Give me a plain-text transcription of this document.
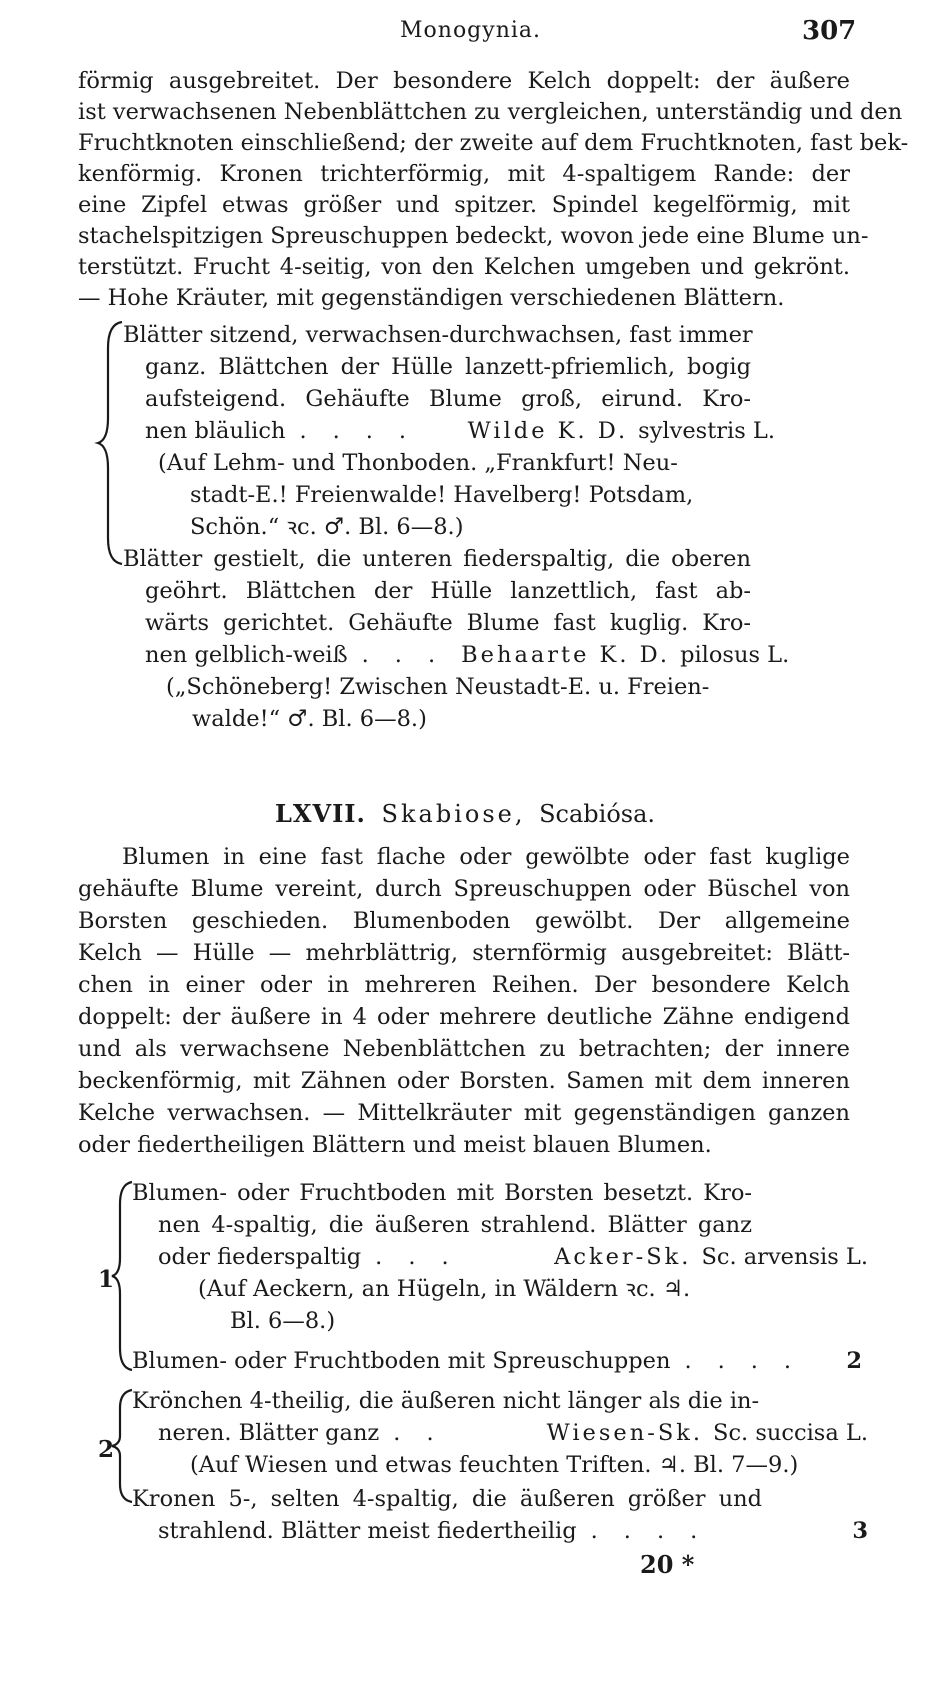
Monogynia.	307
förmig ausgebreitet. Der besondere Kelch doppelt: der äußere
ist verwachsenen Nebenblättchen zu vergleichen, unterständig und den
Fruchtknoten einschließend; der zweite auf dem Fruchtknoten, fast bek-
kenförmig. Kronen trichterförmig, mit 4-spaltigem Rande: der
eine Zipfel etwas größer und spitzer. Spindel kegelförmig, mit
stachelspitzigen Spreuschuppen bedeckt, wovon jede eine Blume un-
terstützt. Frucht 4-seitig, von den Kelchen umgeben und gekrönt.
— Hohe Kräuter, mit gegenständigen verschiedenen Blättern.
Blätter sitzend, verwachsen-durchwachsen, fast immer
ganz. Blättchen der Hülle lanzett-pfriemlich, bogig
aufsteigend. Gehäufte Blume groß, eirund. Kro-
nen bläulich ....	Wilde K. D. sylvestris L.
(Auf Lehm- und Thonboden. „Frankfurt! Neu-
stadt-E.! Freienwalde! Havelberg! Potsdam,
Schön.“ ꝛc. ♂. Bl. 6—8.)
Blätter gestielt, die unteren fiederspaltig, die oberen
geöhrt. Blättchen der Hülle lanzettlich, fast ab-
wärts gerichtet. Gehäufte Blume fast kuglig. Kro-
nen gelblich-weiß ... Behaarte K. D. pilosus L.
(„Schöneberg! Zwischen Neustadt-E. u. Freien-
walde!“ ♂. Bl. 6—8.)
LXVII. Skabiose, Scabiósa.
Blumen in eine fast flache oder gewölbte oder fast kuglige
gehäufte Blume vereint, durch Spreuschuppen oder Büschel von
Borsten geschieden. Blumenboden gewölbt. Der allgemeine
Kelch — Hülle — mehrblättrig, sternförmig ausgebreitet: Blätt-
chen in einer oder in mehreren Reihen. Der besondere Kelch
doppelt: der äußere in 4 oder mehrere deutliche Zähne endigend
und als verwachsene Nebenblättchen zu betrachten; der innere
beckenförmig, mit Zähnen oder Borsten. Samen mit dem inneren
Kelche verwachsen. — Mittelkräuter mit gegenständigen ganzen
oder fiedertheiligen Blättern und meist blauen Blumen.
1
Blumen- oder Fruchtboden mit Borsten besetzt. Kro-
nen 4-spaltig, die äußeren strahlend. Blätter ganz
oder fiederspaltig ...	Acker-Sk. Sc. arvensis L.
(Auf Aeckern, an Hügeln, in Wäldern ꝛc. ♃.
Bl. 6—8.)
Blumen- oder Fruchtboden mit Spreuschuppen ....	2
2
Krönchen 4-theilig, die äußeren nicht länger als die in-
neren. Blätter ganz ..	Wiesen-Sk. Sc. succisa L.
(Auf Wiesen und etwas feuchten Triften. ♃. Bl. 7—9.)
Kronen 5-, selten 4-spaltig, die äußeren größer und
strahlend. Blätter meist fiedertheilig ....	3
20 *
